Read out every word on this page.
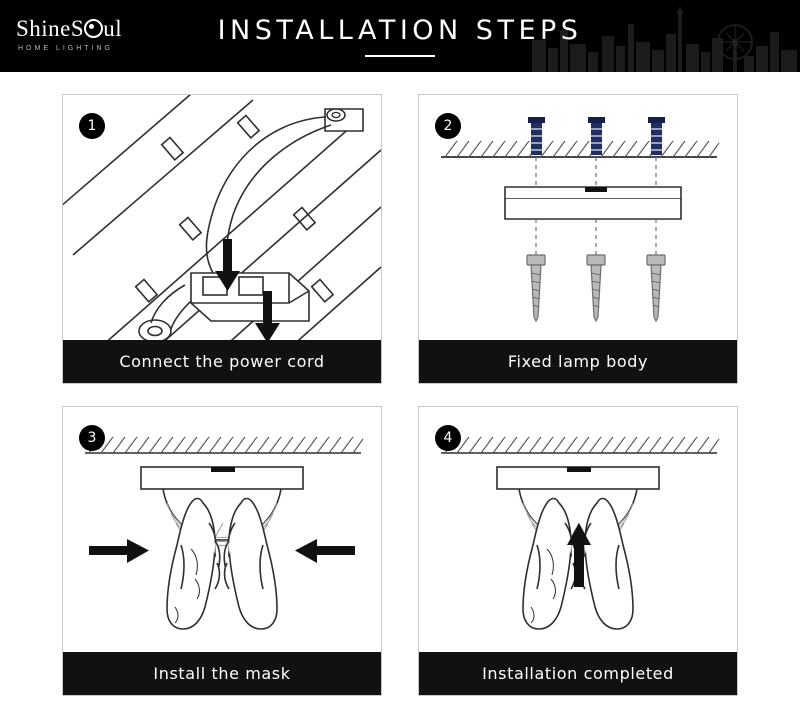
ShineS ul
HOME LIGHTING
INSTALLATION STEPS
1
Connect the power cord
2
Fixed lamp body
3
Install the mask
4
Installation completed
